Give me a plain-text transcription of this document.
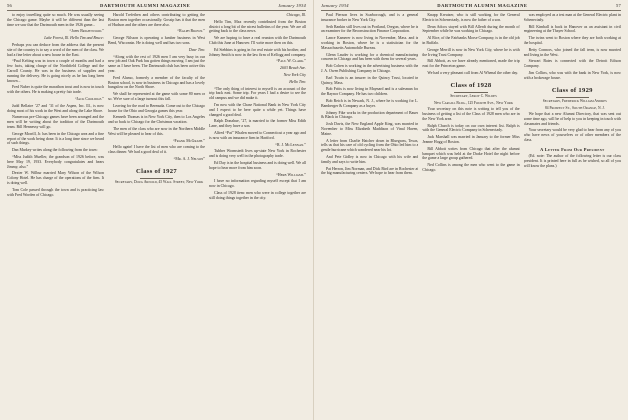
56	DARTMOUTH ALUMNI MAGAZINE	January 1934

to enjoy travelling quite so much. He was usually seeing the Chicago game. Maybe it will be different than the last time we saw that the Dartmouth men in the 1926 game...

“John Brightwood.”

Lake Forest, Ill. Hello Tim and Bruce:

Perhaps you can deduce from the address that the present site of the country is to say a word of the men of the class. We had a fine letter about a new house in the East.

“Paul Kelting was in town a couple of months and had a few facts, taking charge of the Northfield College and the Carroll County. He was in the business of supplies and running the delivery. He is going nicely as he has long been known...

Fred Nuber is quite the marathon trout and is now in touch with the others. He is making a pretty fair trade.

“Jack Coolidge.”

Judd Bellaire ’27 and ’31 of the Aspen, Inc. Ill., is now doing most of his work in the West and along the Lake Shore.

Numerous pre-Chicago games have been arranged and the men will be writing about the tradition of the Dartmouth team. Bill Hennessy will go.

George Morrill, Jr. has been in the Chicago area and a fine report of the work being done. It is a long time since we heard of such things.

Dan Markey writes along the following from the town:

“Miss Judith Mueller, the grandson of 1926 before, was here May 19, 1933. Everybody congratulates and hears Jimmy, also.”

Dexter W. Wilbur married Mary Wilson of the Wilson Colony Hotel. He has charge of the operations of the firm. It is doing well.

Tom Cole passed through the town and is practicing law with Fred Worden of Chicago.

Harold Trefethen and others contributing to getting the Boston men together occasionally. Gossip has it that the men of Hudson and the others are there also.

“Ralph Brown.”

George Nilsson is operating a lumber business in West Bend, Wisconsin. He is doing well and has two sons.

Dear Tim:

“Along with the rest of 1926 men I am very busy in our new job and Oak Park has gotten things moving. I am just the same as I have been. The Dartmouth club has been active this year.

Fred Alamo, formerly a member of the faculty of the Boston school, is now in business in Chicago and has a lovely bungalow on the North Shore.

We shall be represented at the game with some 80 men or so. We're sure of a large turnout this fall.

Leaving for the road to Bermuda. Come out to the Chicago house for the Ohio and Georgia games this year.

Kenneth Thomas is in New York City, then to Los Angeles and so back to Chicago for the Christmas vacation.

The men of the class who are now in the Northern Middle West will be pleased to hear of this.

“Frank McGrath.”

Hello again! I have the list of men who are coming to the class dinner. We had a good deal of it.

“Mr. A. J. Nelson”

Class of 1927

Secretary, Doug Arnold, 45 Wall Street, New York

Chicago, Ill.

Hello Tim, Max recently contributed from the Boston district a long bit of the nicest bulletins of the year. We are all getting back to the class news.

We are hoping to have a real reunion with the Dartmouth Club this June at Hanover. I'll write more then on this.

Ed Stebbins is going in for real estate with his brother, and Johnny Smith is now in the law firm of Kellogg and company.

“Paul W. Clark.”

2603 Beach Ave.

New York City

Hello Tim:

“The only thing of interest to myself is an account of the trip back east. Some trip. For years I had a desire to see the old campus and we did make it.

I'm now with the Chase National Bank in New York City and I expect to be here quite a while yet. Things have changed a good deal.

Ralph Donahue, ’27, is married to the former Miss Edith Lane, and they have a son.

Alfred “Pat” Whalen moved to Connecticut a year ago and is now with an insurance firm in Hartford.

“R. J. McLennan.”

Tubber Wormstedt lives up-state New York in Rochester and is doing very well in the photography trade.

Ed Day is in the hospital business and is doing well. We all hope to hear more from him soon.

“Herb Williams.”

I have no information regarding myself except that I am now in Chicago.

Class of 1928 item: men who were in college together are still doing things together in the city.

January 1934	DARTMOUTH ALUMNI MAGAZINE	57

Paul Pierson lives in Scarborough, and is a general insurance broker in New York City.

Seth Rankin still lives out in Portland, Oregon, where he is an examiner for the Reconstruction Finance Corporation.

Lance Kamerer is now living in November, Mass. and is working in Boston, where he is a statistician for the Massachusetts Automobile Bureau.

Glenn Lauder is working for a chemical manufacturing concern in Chicago and has been with them for several years.

Bob Cohen is working in the advertising business with the J. A. Owen Publishing Company in Chicago.

Earl Twain is an insurer in the Quincy Trust, located in Quincy, Mass.

Bob Fritts is now living in Maynard and is a salesman for the Raynor Company. He has two children.

Bob Reich is in Newark, N. J., where he is working for L. Bamberger & Company as a buyer.

Johnny Fike works in the production department of Bauer & Black in Chicago.

Josh Davis, the New England Apple King, was married in November to Miss Elizabeth Maddison of Vinal Haven, Maine.

A letter from Charlie Hatcher down in Bluegrass, Texas, tells us that his care of old cycling from the Ohio led him to a gentle hurricane which wandered near his lot.

And Pete Gidley is now in Chicago with his wife and family and says to write him.

Pat Herron, Jim Norman, and Dick Bird are in Rochester at the big manufacturing centers. We hope to hear from them.

Knapp Kreutzer, who is still working for the General Electric in Schenectady, is now the father of a son.

Dean Adcox stayed with Bill Allerdt during the month of September while he was working in Chicago.

Al Rice, of the Fairbanks Morse Company, is in the old job in Buffalo.

George Merrill is now in New York City, where he is with the Irving Trust Company.

Bill Abbott, as we have already mentioned, made the trip east for the Princeton game.

We had a very pleasant call from Al Whenal the other day.

Class of 1928

Secretary, Leroy C. Wildes

New Cargill Bldg., 125 Fourth Ave., New York

Your secretary on this note is writing to tell you of the business of getting a list of the Class of 1928 men who are in the New York area.

Ralph Church is today on our own interest list. Ralph is with the General Electric Company in Schenectady.

Jack Marshall was married in January to the former Miss Jeanne Hogg of Boston.

Bill Abbott writes from Chicago that after the alumni banquet which was held at the Drake Hotel the night before the game a large group gathered.

Ned Collins is among the men who went to the game in Chicago.

was employed as a test man at the General Electric plant in Schenectady.

Bill Kimball is back in Hanover as an assistant in civil engineering at the Thayer School.

The twins went to Boston where they are both working at the hospital.

Betty Connors, who joined the fall term, is now married and living in the West.

Stewart Bates is connected with the Detroit Edison Company.

Jim Collins, who was with the bank in New York, is now with a brokerage house.

Class of 1929

Secretary, Frederick William Andres

84 Prospect St., South Orange, N. J.

We hope that a new Alumni Directory, that was sent out some time ago, will be of help to you in keeping in touch with classmates and friends.

Your secretary would be very glad to hear from any of you who have news of yourselves or of other members of the class.

A Letter From Our President

(Ed. note: The author of the following letter is our class president. It is printed here in full as he wished, so all of you will know the plans.)
